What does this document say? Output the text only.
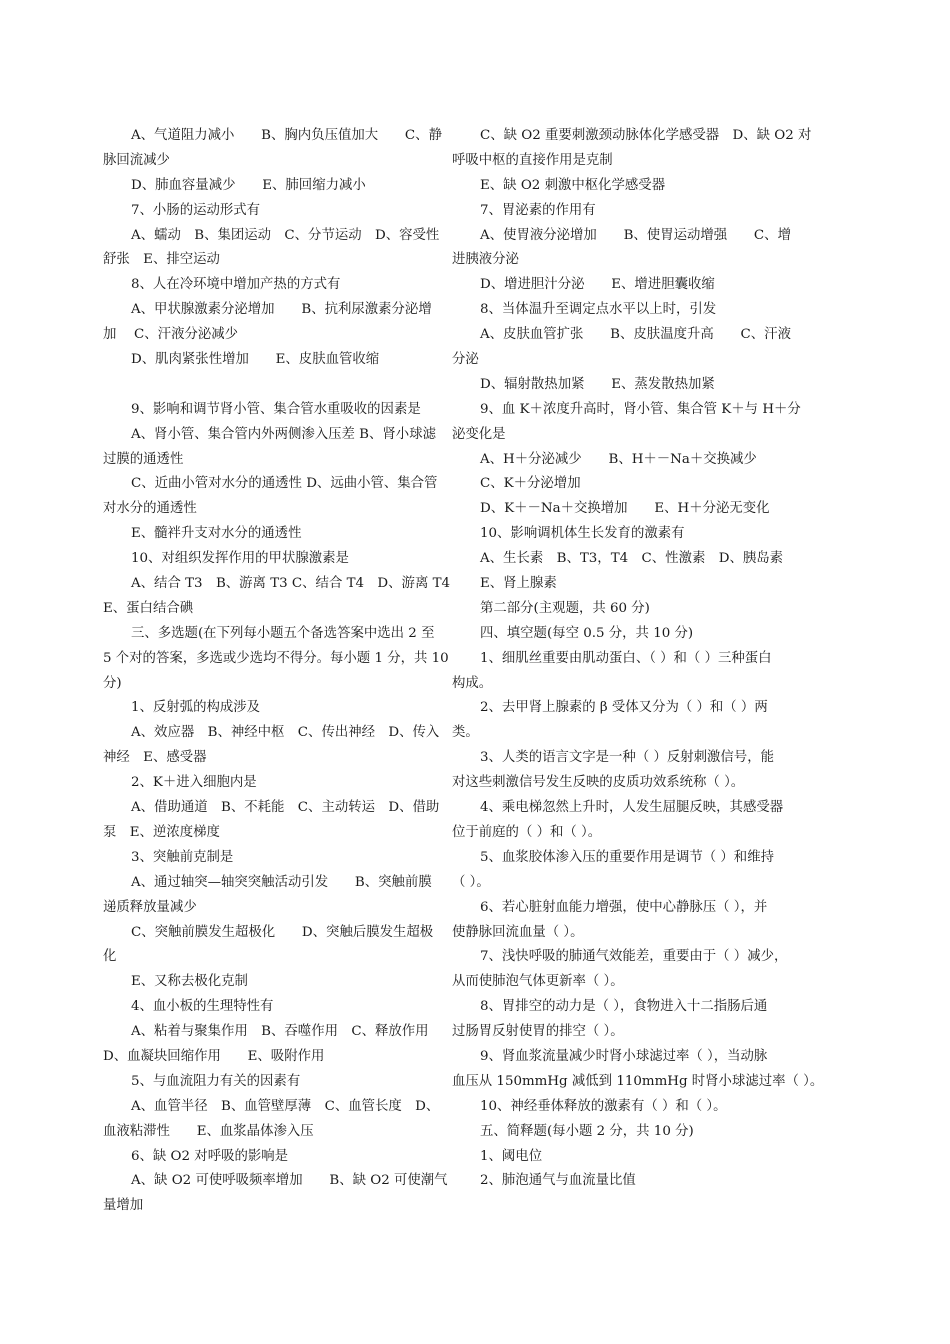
A、气道阻力减小　　B、胸内负压值加大　　C、静
脉回流减少
D、肺血容量减少　　E、肺回缩力减小
7、小肠的运动形式有
A、蠕动　B、集团运动　C、分节运动　D、容受性
舒张　E、排空运动
8、人在冷环境中增加产热的方式有
A、甲状腺激素分泌增加　　B、抗利尿激素分泌增
加　 C、汗液分泌减少
D、肌肉紧张性增加　　E、皮肤血管收缩
9、影响和调节肾小管、集合管水重吸收的因素是
A、肾小管、集合管内外两侧渗入压差 B、肾小球滤
过膜的通透性
C、近曲小管对水分的通透性 D、远曲小管、集合管
对水分的通透性
E、髓袢升支对水分的通透性
10、对组织发挥作用的甲状腺激素是
A、结合 T3　B、游离 T3 C、结合 T4　D、游离 T4
E、蛋白结合碘
三、多选题(在下列每小题五个备选答案中选出 2 至
5 个对的答案，多选或少选均不得分。每小题 1 分，共 10
分)
1、反射弧的构成涉及
A、效应器　B、神经中枢　C、传出神经　D、传入
神经　E、感受器
2、K＋进入细胞内是
A、借助通道　B、不耗能　C、主动转运　D、借助
泵　E、逆浓度梯度
3、突触前克制是
A、通过轴突—轴突突触活动引发　　B、突触前膜
递质释放量减少
C、突触前膜发生超极化　　D、突触后膜发生超极
化
E、又称去极化克制
4、血小板的生理特性有
A、粘着与聚集作用　B、吞噬作用　C、释放作用
D、血凝块回缩作用　　E、吸附作用
5、与血流阻力有关的因素有
A、血管半径　B、血管壁厚薄　C、血管长度　D、
血液粘滞性　　E、血浆晶体渗入压
6、缺 O2 对呼吸的影响是
A、缺 O2 可使呼吸频率增加　　B、缺 O2 可使潮气
量增加
C、缺 O2 重要刺激颈动脉体化学感受器　D、缺 O2 对
呼吸中枢的直接作用是克制
E、缺 O2 刺激中枢化学感受器
7、胃泌素的作用有
A、使胃液分泌增加　　B、使胃运动增强　　C、增
进胰液分泌
D、增进胆汁分泌　　E、增进胆囊收缩
8、当体温升至调定点水平以上时，引发
A、皮肤血管扩张　　B、皮肤温度升高　　C、汗液
分泌
D、辐射散热加紧　　E、蒸发散热加紧
9、血 K＋浓度升高时，肾小管、集合管 K＋与 H＋分
泌变化是
A、H＋分泌减少　　B、H＋－Na＋交换减少
C、K＋分泌增加
D、K＋－Na＋交换增加　　E、H＋分泌无变化
10、影响调机体生长发育的激素有
A、生长素　B、T3，T4　C、性激素　D、胰岛素
E、肾上腺素
第二部分(主观题，共 60 分)
四、填空题(每空 0.5 分，共 10 分)
1、细肌丝重要由肌动蛋白、（ ）和（ ）三种蛋白
构成。
2、去甲肾上腺素的 β 受体又分为（ ）和（ ）两
类。
3、人类的语言文字是一种（ ）反射刺激信号，能
对这些刺激信号发生反映的皮质功效系统称（ ）。
4、乘电梯忽然上升时，人发生屈腿反映，其感受器
位于前庭的（ ）和（ ）。
5、血浆胶体渗入压的重要作用是调节（ ）和维持
（ ）。
6、若心脏射血能力增强，使中心静脉压（ ），并
使静脉回流血量（ ）。
7、浅快呼吸的肺通气效能差，重要由于（ ）减少，
从而使肺泡气体更新率（ ）。
8、胃排空的动力是（ ），食物进入十二指肠后通
过肠胃反射使胃的排空（ ）。
9、肾血浆流量减少时肾小球滤过率（ ），当动脉
血压从 150mmHg 减低到 110mmHg 时肾小球滤过率（ ）。
10、神经垂体释放的激素有（ ）和（ ）。
五、简释题(每小题 2 分，共 10 分)
1、阈电位
2、肺泡通气与血流量比值
